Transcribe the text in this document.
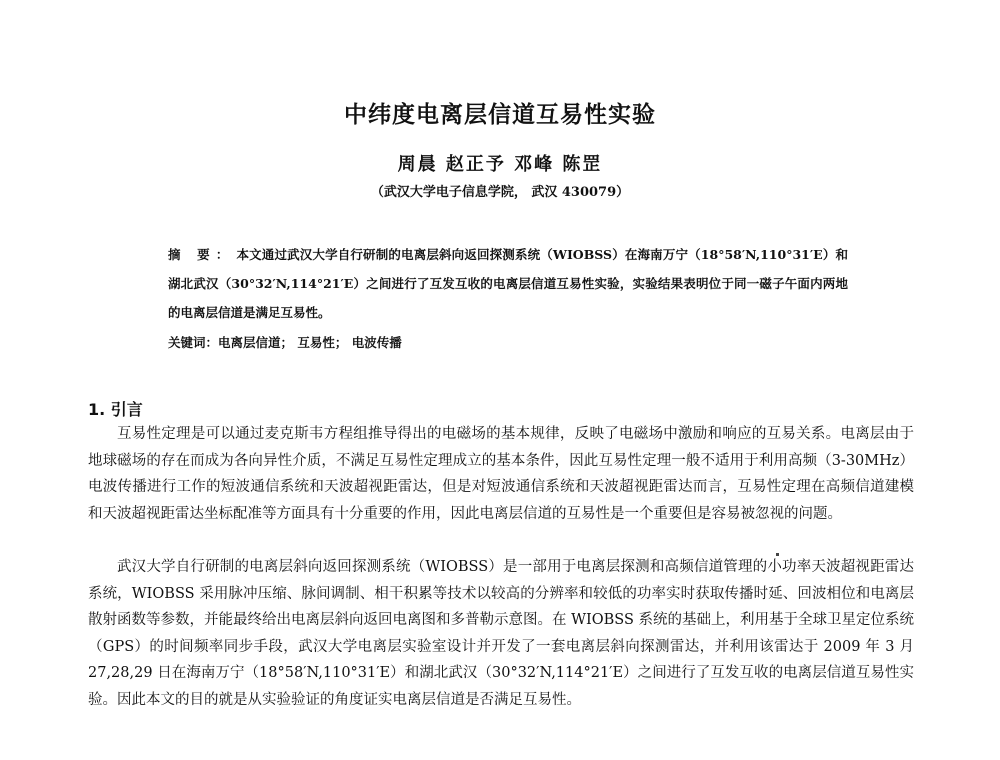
中纬度电离层信道互易性实验
周晨 赵正予 邓峰 陈罡
（武汉大学电子信息学院， 武汉 430079）
摘 要： 本文通过武汉大学自行研制的电离层斜向返回探测系统（WIOBSS）在海南万宁（18°58′N,110°31′E）和湖北武汉（30°32′N,114°21′E）之间进行了互发互收的电离层信道互易性实验，实验结果表明位于同一磁子午面内两地的电离层信道是满足互易性。
关键词：电离层信道； 互易性； 电波传播
1. 引言
互易性定理是可以通过麦克斯韦方程组推导得出的电磁场的基本规律，反映了电磁场中激励和响应的互易关系。电离层由于地球磁场的存在而成为各向异性介质，不满足互易性定理成立的基本条件，因此互易性定理一般不适用于利用高频（3-30MHz）电波传播进行工作的短波通信系统和天波超视距雷达，但是对短波通信系统和天波超视距雷达而言，互易性定理在高频信道建模和天波超视距雷达坐标配准等方面具有十分重要的作用，因此电离层信道的互易性是一个重要但是容易被忽视的问题。
武汉大学自行研制的电离层斜向返回探测系统（WIOBSS）是一部用于电离层探测和高频信道管理的小功率天波超视距雷达系统，WIOBSS 采用脉冲压缩、脉间调制、相干积累等技术以较高的分辨率和较低的功率实时获取传播时延、回波相位和电离层散射函数等参数，并能最终给出电离层斜向返回电离图和多普勒示意图。在 WIOBSS 系统的基础上，利用基于全球卫星定位系统（GPS）的时间频率同步手段，武汉大学电离层实验室设计并开发了一套电离层斜向探测雷达，并利用该雷达于 2009 年 3 月 27,28,29 日在海南万宁（18°58′N,110°31′E）和湖北武汉（30°32′N,114°21′E）之间进行了互发互收的电离层信道互易性实验。因此本文的目的就是从实验验证的角度证实电离层信道是否满足互易性。
